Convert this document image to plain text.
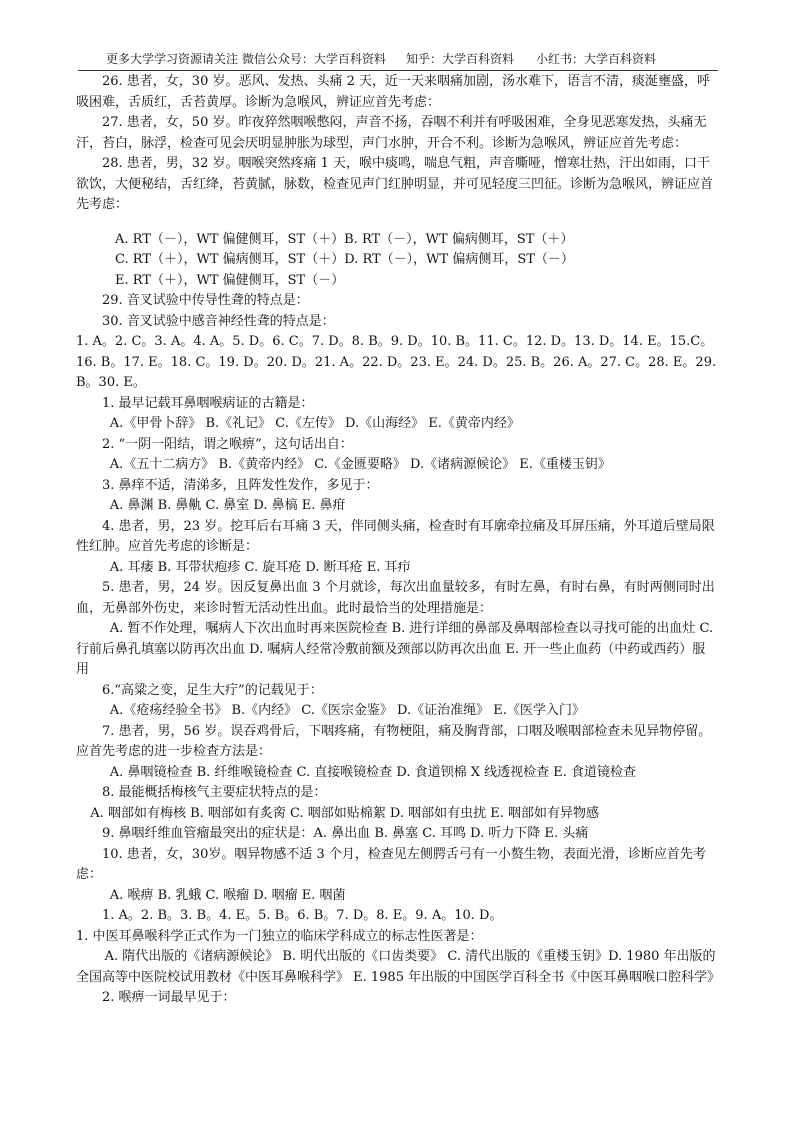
更多大学学习资源请关注 微信公众号：大学百科资料 知乎：大学百科资料 小红书：大学百科资料

26. 患者，女，30 岁。恶风、发热、头痛 2 天，近一天来咽痛加剧，汤水难下，语言不清，痰涎壅盛，呼吸困难，舌质红，舌苔黄厚。诊断为急喉风，辨证应首先考虑：

27. 患者，女，50 岁。昨夜猝然咽喉憋闷，声音不扬，吞咽不利并有呼吸困难，全身见恶寒发热，头痛无汗，苔白，脉浮，检查可见会厌明显肿胀为球型，声门水肿，开合不利。诊断为急喉风，辨证应首先考虑：

28. 患者，男，32 岁。咽喉突然疼痛 1 天，喉中痰鸣，喘息气粗，声音嘶哑，憎寒壮热，汗出如雨，口干欲饮，大便秘结，舌红绛，苔黄腻，脉数，检查见声门红肿明显，并可见轻度三凹征。诊断为急喉风，辨证应首先考虑：

A. RT（－），WT 偏健侧耳，ST（＋）B. RT（－），WT 偏病侧耳，ST（＋）

C. RT（＋），WT 偏病侧耳，ST（＋）D. RT（－），WT 偏病侧耳，ST（－）

E. RT（＋），WT 偏健侧耳，ST（－）

29. 音叉试验中传导性聋的特点是：

30. 音叉试验中感音神经性聋的特点是：

1. A。2. C。3. A。4. A。5. D。6. C。7. D。8. B。9. D。10. B。11. C。12. D。13. D。14. E。15.C。16. B。17. E。18. C。19. D。20. D。21. A。22. D。23. E。24. D。25. B。26. A。27. C。28. E。29. B。30. E。

1. 最早记载耳鼻咽喉病证的古籍是：

A.《甲骨卜辞》 B.《礼记》 C.《左传》 D.《山海经》 E.《黄帝内经》

2. “一阴一阳结，谓之喉痹”，这句话出自：

A.《五十二病方》 B.《黄帝内经》 C.《金匮要略》 D.《诸病源候论》 E.《重楼玉钥》

3. 鼻痒不适，清涕多，且阵发性发作，多见于：

A. 鼻渊 B. 鼻鼽 C. 鼻室 D. 鼻槁 E. 鼻疳

4. 患者，男，23 岁。挖耳后右耳痛 3 天，伴同侧头痛，检查时有耳廓牵拉痛及耳屏压痛，外耳道后壁局限性红肿。应首先考虑的诊断是：

A. 耳痿 B. 耳带状疱疹 C. 旋耳疮 D. 断耳疮 E. 耳疖

5. 患者，男，24 岁。因反复鼻出血 3 个月就诊，每次出血量较多，有时左鼻，有时右鼻，有时两侧同时出血，无鼻部外伤史，来诊时暂无活动性出血。此时最恰当的处理措施是：

A. 暂不作处理，嘱病人下次出血时再来医院检查 B. 进行详细的鼻部及鼻咽部检查以寻找可能的出血灶 C. 行前后鼻孔填塞以防再次出血 D. 嘱病人经常冷敷前额及颈部以防再次出血 E. 开一些止血药（中药或西药）服用

6.“高粱之变，足生大疔”的记载见于：

A.《疮疡经验全书》 B.《内经》 C.《医宗金鉴》 D.《证治准绳》 E.《医学入门》

7. 患者，男，56 岁。误吞鸡骨后，下咽疼痛，有物梗阻，痛及胸背部，口咽及喉咽部检查未见异物停留。应首先考虑的进一步检查方法是：

A. 鼻咽镜检查 B. 纤维喉镜检查 C. 直接喉镜检查 D. 食道钡棉 X 线透视检查 E. 食道镜检查

8. 最能概括梅核气主要症状特点的是：

A. 咽部如有梅核 B. 咽部如有炙脔 C. 咽部如贴棉絮 D. 咽部如有虫扰 E. 咽部如有异物感

9. 鼻咽纤维血管瘤最突出的症状是：A. 鼻出血 B. 鼻塞 C. 耳鸣 D. 听力下降 E. 头痛

10. 患者，女，30岁。咽异物感不适 3 个月，检查见左侧腭舌弓有一小赘生物，表面光滑，诊断应首先考虑：

A. 喉痹 B. 乳蛾 C. 喉瘤 D. 咽瘤 E. 咽菌

1. A。2. B。3. B。4. E。5. B。6. B。7. D。8. E。9. A。10. D。

1. 中医耳鼻喉科学正式作为一门独立的临床学科成立的标志性医著是：

A. 隋代出版的《诸病源候论》 B. 明代出版的《口齿类要》 C. 清代出版的《重楼玉钥》D. 1980 年出版的全国高等中医院校试用教材《中医耳鼻喉科学》 E. 1985 年出版的中国医学百科全书《中医耳鼻咽喉口腔科学》

2. 喉痹一词最早见于：
